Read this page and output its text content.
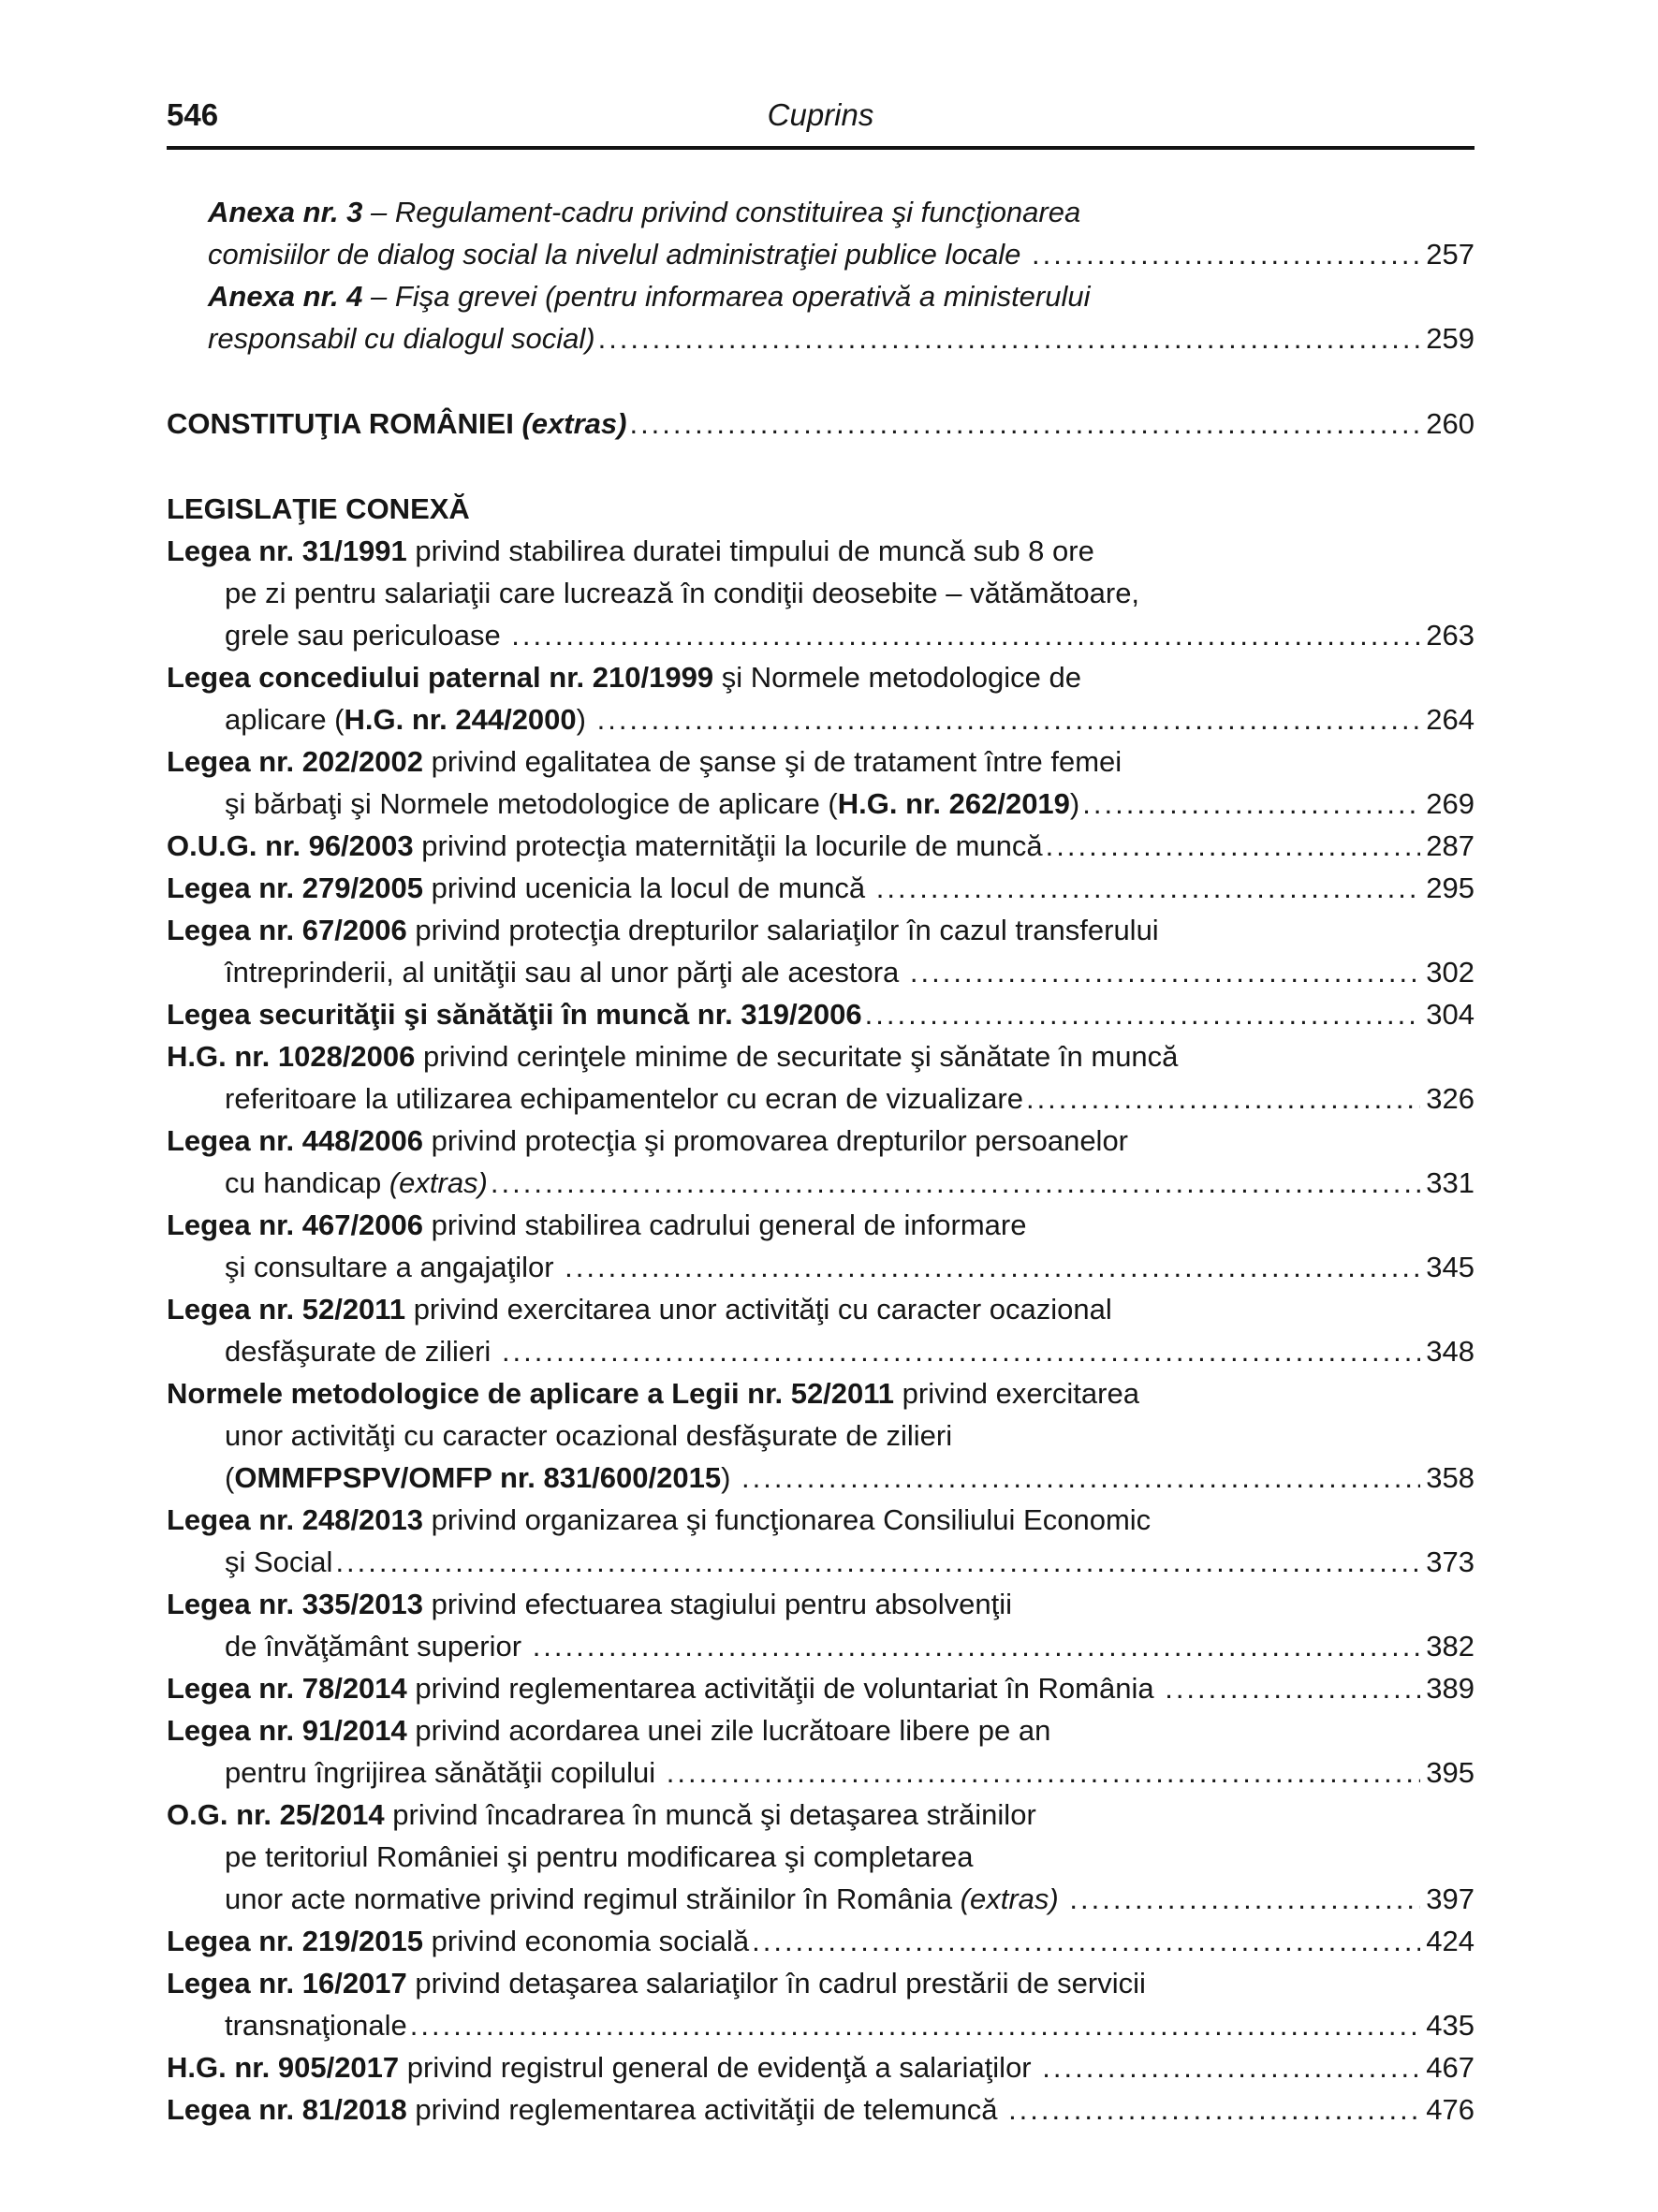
546	Cuprins
Anexa nr. 3 – Regulament-cadru privind constituirea şi funcţionarea
comisiilor de dialog social la nivelul administraţiei publice locale .....	257
Anexa nr. 4 – Fişa grevei (pentru informarea operativă a ministerului
responsabil cu dialogul social) .....	259
CONSTITUŢIA ROMÂNIEI (extras) .....	260
LEGISLAŢIE CONEXĂ
Legea nr. 31/1991 privind stabilirea duratei timpului de muncă sub 8 ore
pe zi pentru salariaţii care lucrează în condiţii deosebite – vătămătoare,
grele sau periculoase .....	263
Legea concediului paternal nr. 210/1999 şi Normele metodologice de
aplicare (H.G. nr. 244/2000) .....	264
Legea nr. 202/2002 privind egalitatea de şanse şi de tratament între femei
şi bărbaţi şi Normele metodologice de aplicare (H.G. nr. 262/2019) .....	269
O.U.G. nr. 96/2003 privind protecţia maternităţii la locurile de muncă .....	287
Legea nr. 279/2005 privind ucenicia la locul de muncă .....	295
Legea nr. 67/2006 privind protecţia drepturilor salariaţilor în cazul transferului
întreprinderii, al unităţii sau al unor părţi ale acestora .....	302
Legea securităţii şi sănătăţii în muncă nr. 319/2006 .....	304
H.G. nr. 1028/2006 privind cerinţele minime de securitate şi sănătate în muncă
referitoare la utilizarea echipamentelor cu ecran de vizualizare .....	326
Legea nr. 448/2006 privind protecţia şi promovarea drepturilor persoanelor
cu handicap (extras) .....	331
Legea nr. 467/2006 privind stabilirea cadrului general de informare
şi consultare a angajaţilor .....	345
Legea nr. 52/2011 privind exercitarea unor activităţi cu caracter ocazional
desfăşurate de zilieri .....	348
Normele metodologice de aplicare a Legii nr. 52/2011 privind exercitarea
unor activităţi cu caracter ocazional desfăşurate de zilieri
(OMMFPSPV/OMFP nr. 831/600/2015) .....	358
Legea nr. 248/2013 privind organizarea şi funcţionarea Consiliului Economic
şi Social .....	373
Legea nr. 335/2013 privind efectuarea stagiului pentru absolvenţii
de învăţământ superior .....	382
Legea nr. 78/2014 privind reglementarea activităţii de voluntariat în România .....	389
Legea nr. 91/2014 privind acordarea unei zile lucrătoare libere pe an
pentru îngrijirea sănătăţii copilului .....	395
O.G. nr. 25/2014 privind încadrarea în muncă şi detaşarea străinilor
pe teritoriul României şi pentru modificarea şi completarea
unor acte normative privind regimul străinilor în România (extras) .....	397
Legea nr. 219/2015 privind economia socială .....	424
Legea nr. 16/2017 privind detaşarea salariaţilor în cadrul prestării de servicii
transnaţionale .....	435
H.G. nr. 905/2017 privind registrul general de evidenţă a salariaţilor .....	467
Legea nr. 81/2018 privind reglementarea activităţii de telemuncă .....	476
